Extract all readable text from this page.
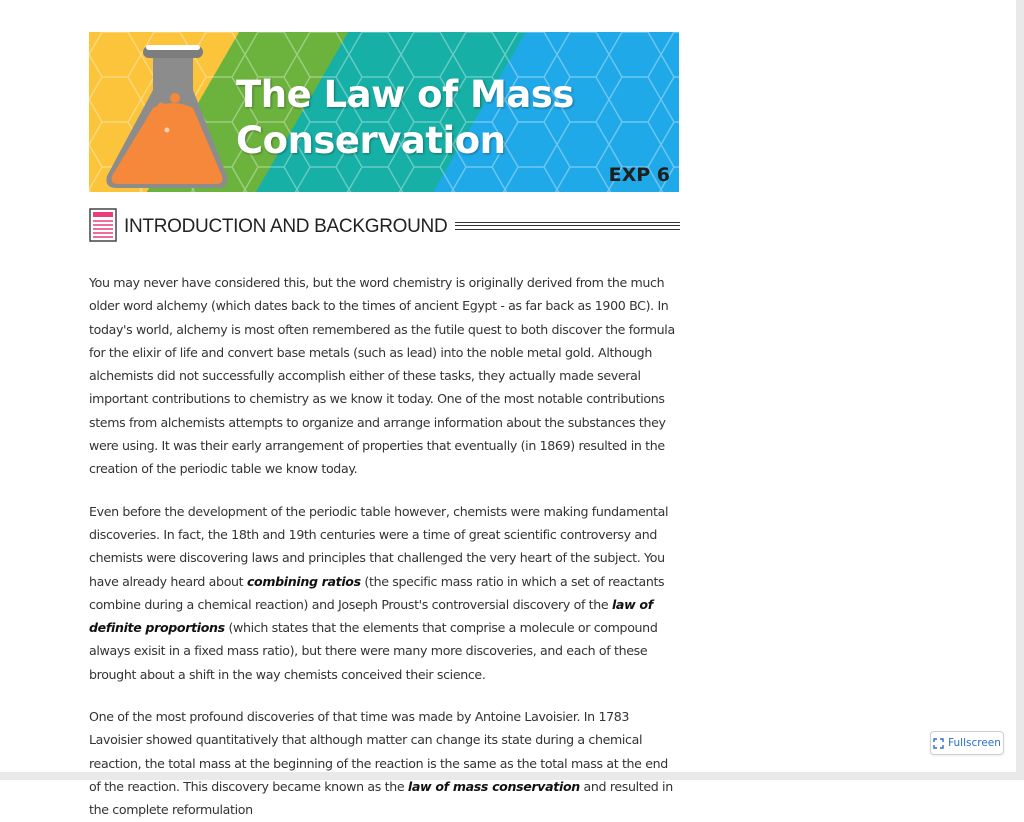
The Law of Mass
Conservation
EXP 6
INTRODUCTION AND BACKGROUND

You may never have considered this, but the word chemistry is originally derived from the much older word alchemy (which dates back to the times of ancient Egypt - as far back as 1900 BC). In today's world, alchemy is most often remembered as the futile quest to both discover the formula for the elixir of life and convert base metals (such as lead) into the noble metal gold. Although alchemists did not successfully accomplish either of these tasks, they actually made several important contributions to chemistry as we know it today. One of the most notable contributions stems from alchemists attempts to organize and arrange information about the substances they were using. It was their early arrangement of properties that eventually (in 1869) resulted in the creation of the periodic table we know today.

Even before the development of the periodic table however, chemists were making fundamental discoveries. In fact, the 18th and 19th centuries were a time of great scientific controversy and chemists were discovering laws and principles that challenged the very heart of the subject. You have already heard about combining ratios (the specific mass ratio in which a set of reactants combine during a chemical reaction) and Joseph Proust's controversial discovery of the law of definite proportions (which states that the elements that comprise a molecule or compound always exisit in a fixed mass ratio), but there were many more discoveries, and each of these brought about a shift in the way chemists conceived their science.

One of the most profound discoveries of that time was made by Antoine Lavoisier. In 1783 Lavoisier showed quantitatively that although matter can change its state during a chemical reaction, the total mass at the beginning of the reaction is the same as the total mass at the end of the reaction. This discovery became known as the law of mass conservation and resulted in the complete reformulation

Fullscreen
